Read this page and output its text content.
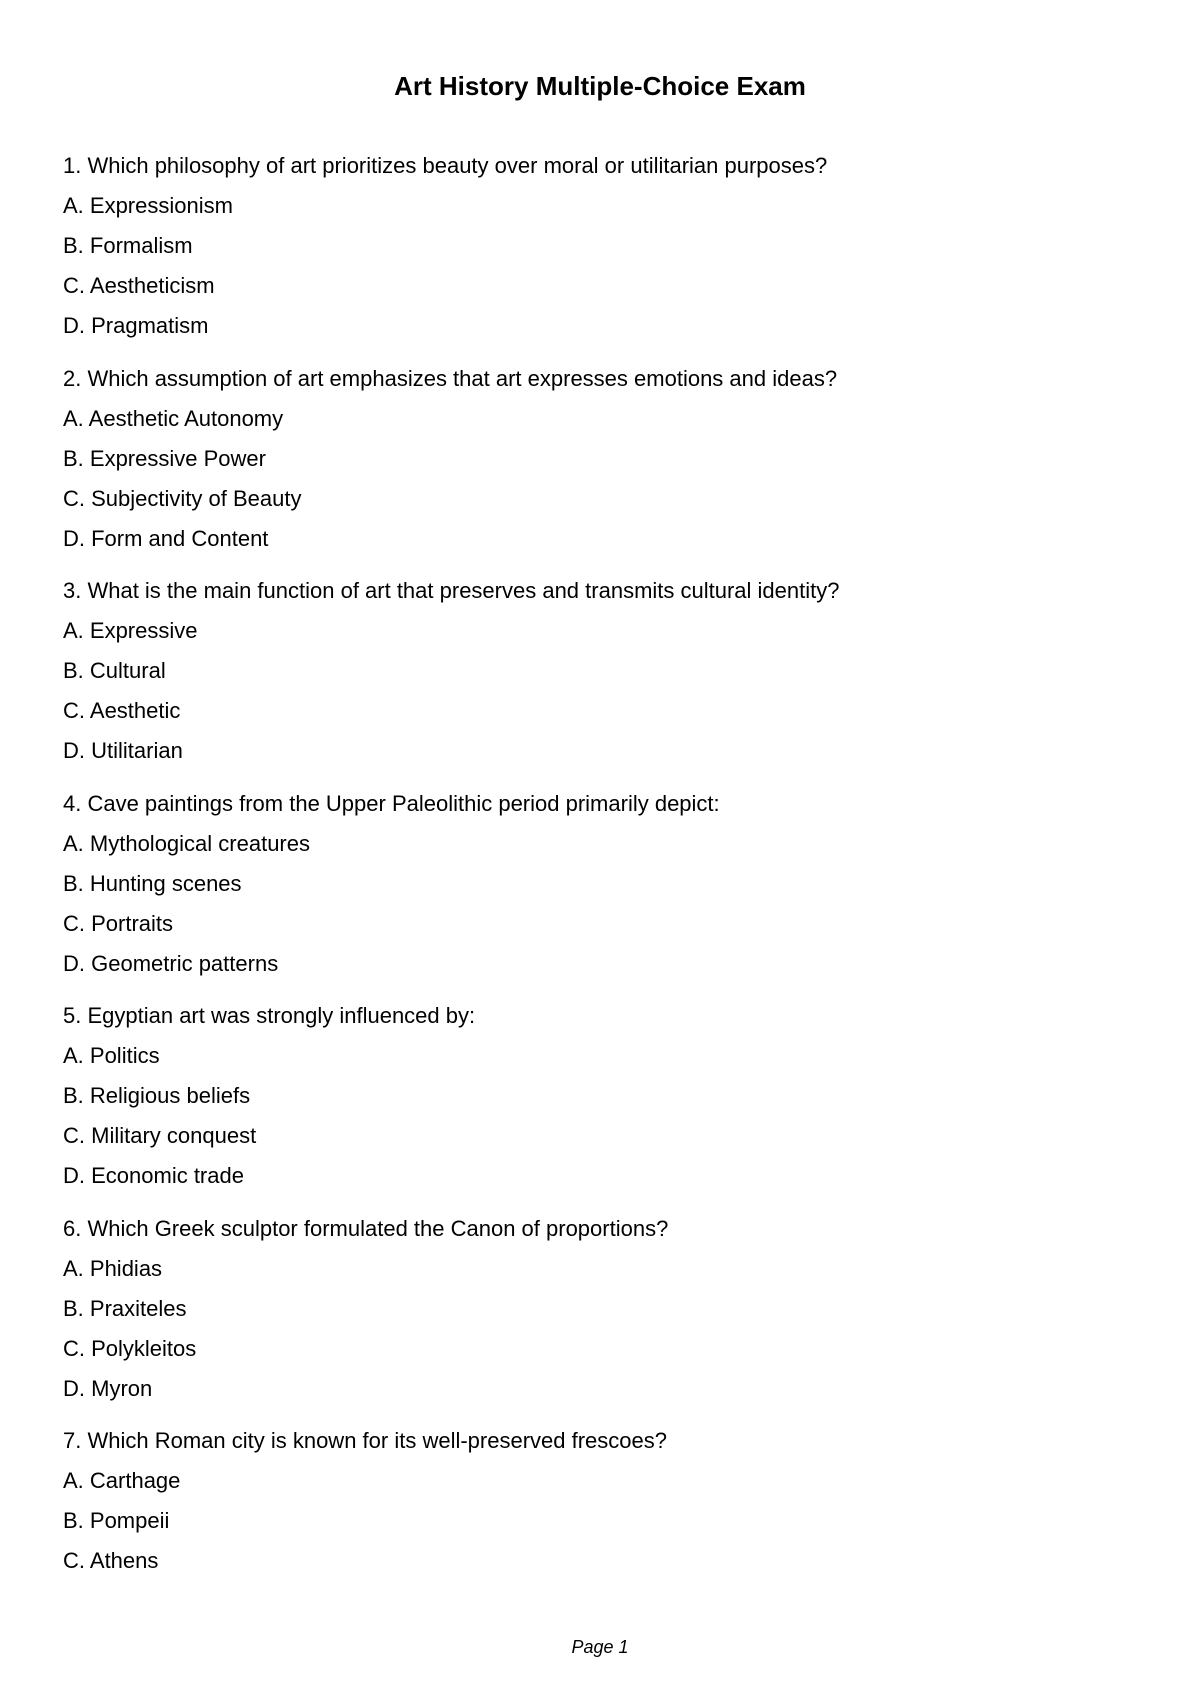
Art History Multiple-Choice Exam
1. Which philosophy of art prioritizes beauty over moral or utilitarian purposes?
A. Expressionism
B. Formalism
C. Aestheticism
D. Pragmatism
2. Which assumption of art emphasizes that art expresses emotions and ideas?
A. Aesthetic Autonomy
B. Expressive Power
C. Subjectivity of Beauty
D. Form and Content
3. What is the main function of art that preserves and transmits cultural identity?
A. Expressive
B. Cultural
C. Aesthetic
D. Utilitarian
4. Cave paintings from the Upper Paleolithic period primarily depict:
A. Mythological creatures
B. Hunting scenes
C. Portraits
D. Geometric patterns
5. Egyptian art was strongly influenced by:
A. Politics
B. Religious beliefs
C. Military conquest
D. Economic trade
6. Which Greek sculptor formulated the Canon of proportions?
A. Phidias
B. Praxiteles
C. Polykleitos
D. Myron
7. Which Roman city is known for its well-preserved frescoes?
A. Carthage
B. Pompeii
C. Athens
Page 1
